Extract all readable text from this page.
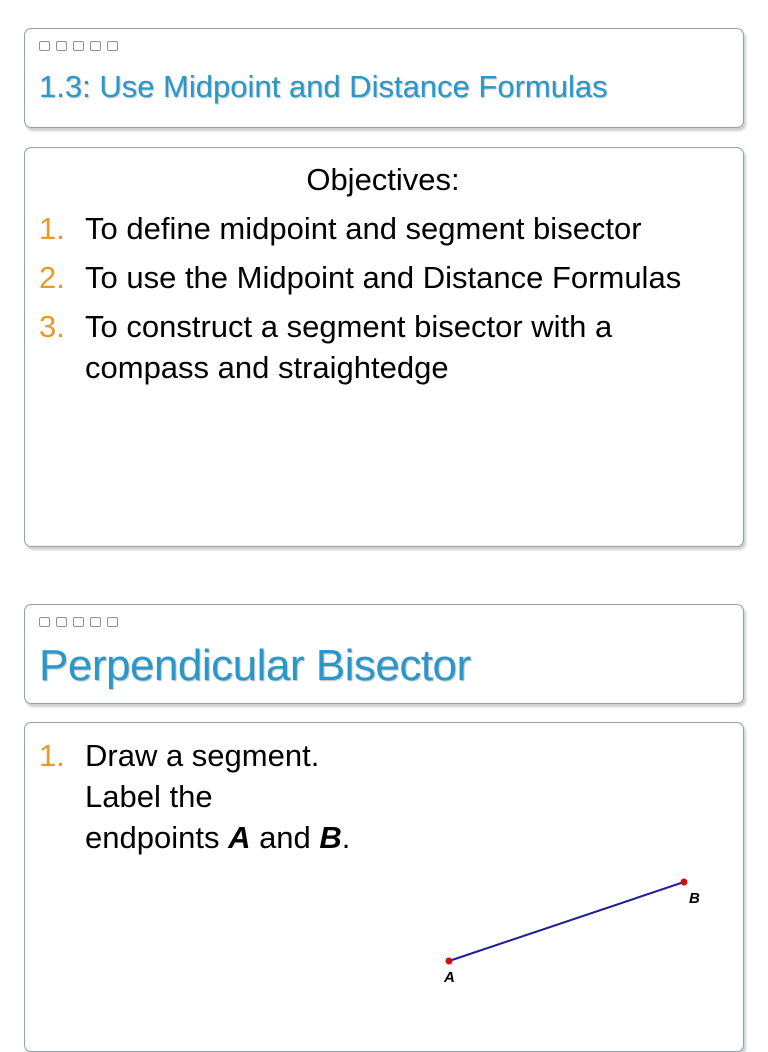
1.3: Use Midpoint and Distance Formulas
Objectives:
1. To define midpoint and segment bisector
2. To use the Midpoint and Distance Formulas
3. To construct a segment bisector with a compass and straightedge
Perpendicular Bisector
1. Draw a segment.
Label the
endpoints A and B.
A
B
